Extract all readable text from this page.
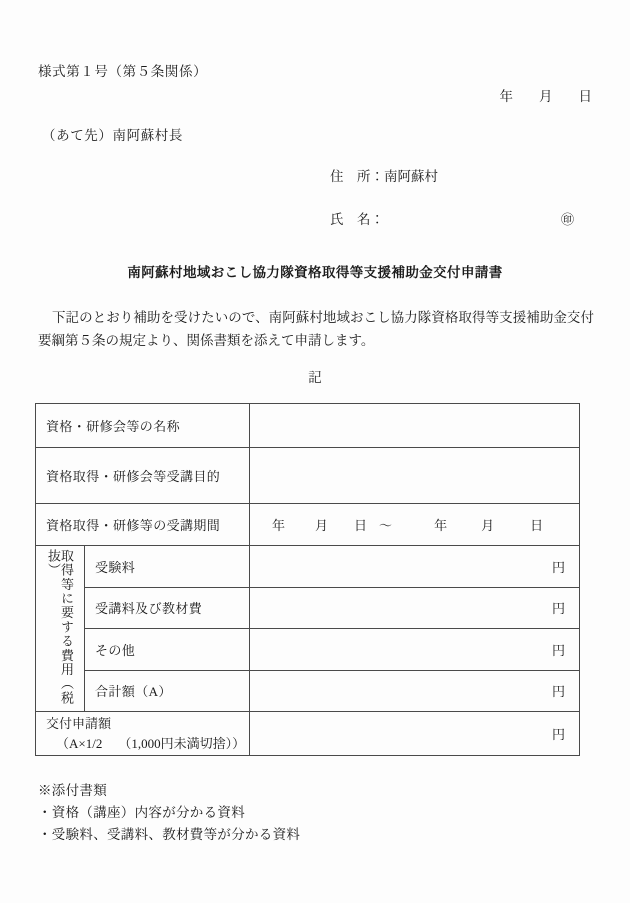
様式第１号（第５条関係）
年 月 日
（あて先）南阿蘇村長
住　所：南阿蘇村
氏　名：	㊞
南阿蘇村地域おこし協力隊資格取得等支援補助金交付申請書
下記のとおり補助を受けたいので、南阿蘇村地域おこし協力隊資格取得等支援補助金交付要綱第５条の規定より、関係書類を添えて申請します。
記
資格・研修会等の名称		

資格取得・研修会等受講目的		

資格取得・研修等の受講期間		年 月 日 ～ 年 月 日

取得等に要する費用（税抜）	受験料	円

	受講料及び教材費	円

	その他	円

	合計額（A）	円

交付申請額
（A×1/2 （1,000円未満切捨））		円
※添付書類
・資格（講座）内容が分かる資料
・受験料、受講料、教材費等が分かる資料
